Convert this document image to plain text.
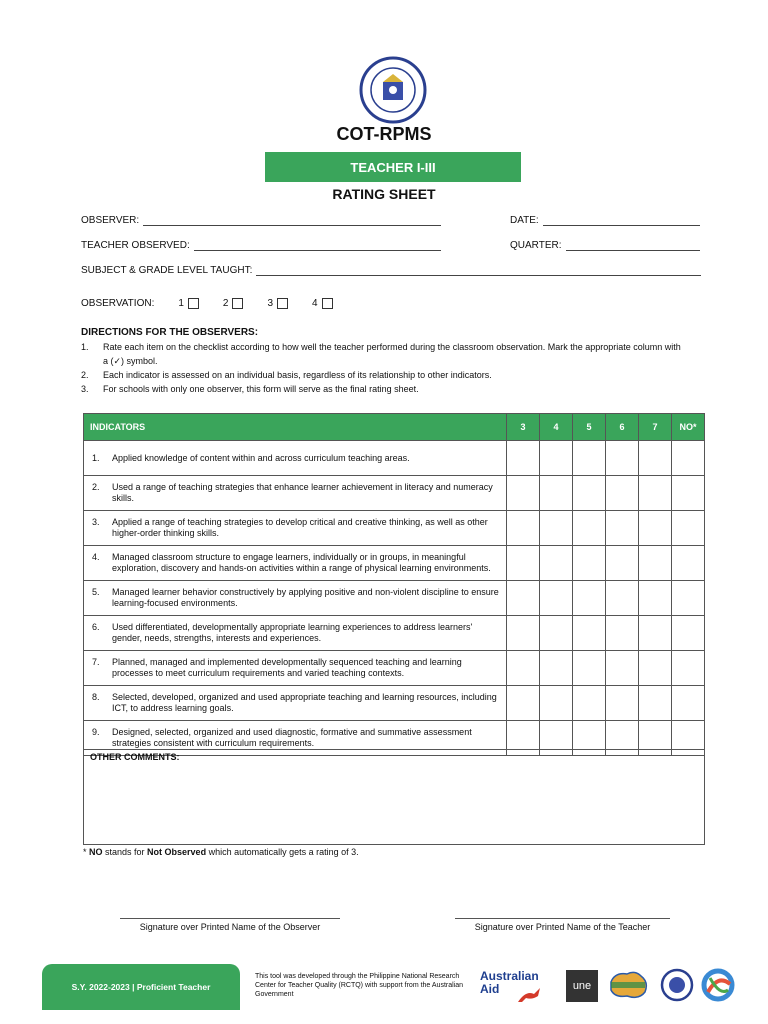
COT-RPMS
TEACHER I-III
RATING SHEET
OBSERVER:	DATE:
TEACHER OBSERVED:	QUARTER:
SUBJECT & GRADE LEVEL TAUGHT:
OBSERVATION: 1	2	3	4
DIRECTIONS FOR THE OBSERVERS:
1.	Rate each item on the checklist according to how well the teacher performed during the classroom observation. Mark the appropriate column with a (✓) symbol.
2.	Each indicator is assessed on an individual basis, regardless of its relationship to other indicators.
3.	For schools with only one observer, this form will serve as the final rating sheet.
INDICATORS	3	4	5	6	7	NO*

1. Applied knowledge of content within and across curriculum teaching areas.						

2. Used a range of teaching strategies that enhance learner achievement in literacy and numeracy skills.						

3. Applied a range of teaching strategies to develop critical and creative thinking, as well as other higher-order thinking skills.						

4. Managed classroom structure to engage learners, individually or in groups, in meaningful exploration, discovery and hands-on activities within a range of physical learning environments.						

5. Managed learner behavior constructively by applying positive and non-violent discipline to ensure learning-focused environments.						

6. Used differentiated, developmentally appropriate learning experiences to address learners' gender, needs, strengths, interests and experiences.						

7. Planned, managed and implemented developmentally sequenced teaching and learning processes to meet curriculum requirements and varied teaching contexts.						

8. Selected, developed, organized and used appropriate teaching and learning resources, including ICT, to address learning goals.						

9. Designed, selected, organized and used diagnostic, formative and summative assessment strategies consistent with curriculum requirements.						

OTHER COMMENTS:
* NO stands for Not Observed which automatically gets a rating of 3.
Signature over Printed Name of the Observer	Signature over Printed Name of the Teacher
S.Y. 2022-2023 | Proficient Teacher
This tool was developed through the Philippine National Research Center for Teacher Quality (RCTQ) with support from the Australian Government
Australian
Aid	une
